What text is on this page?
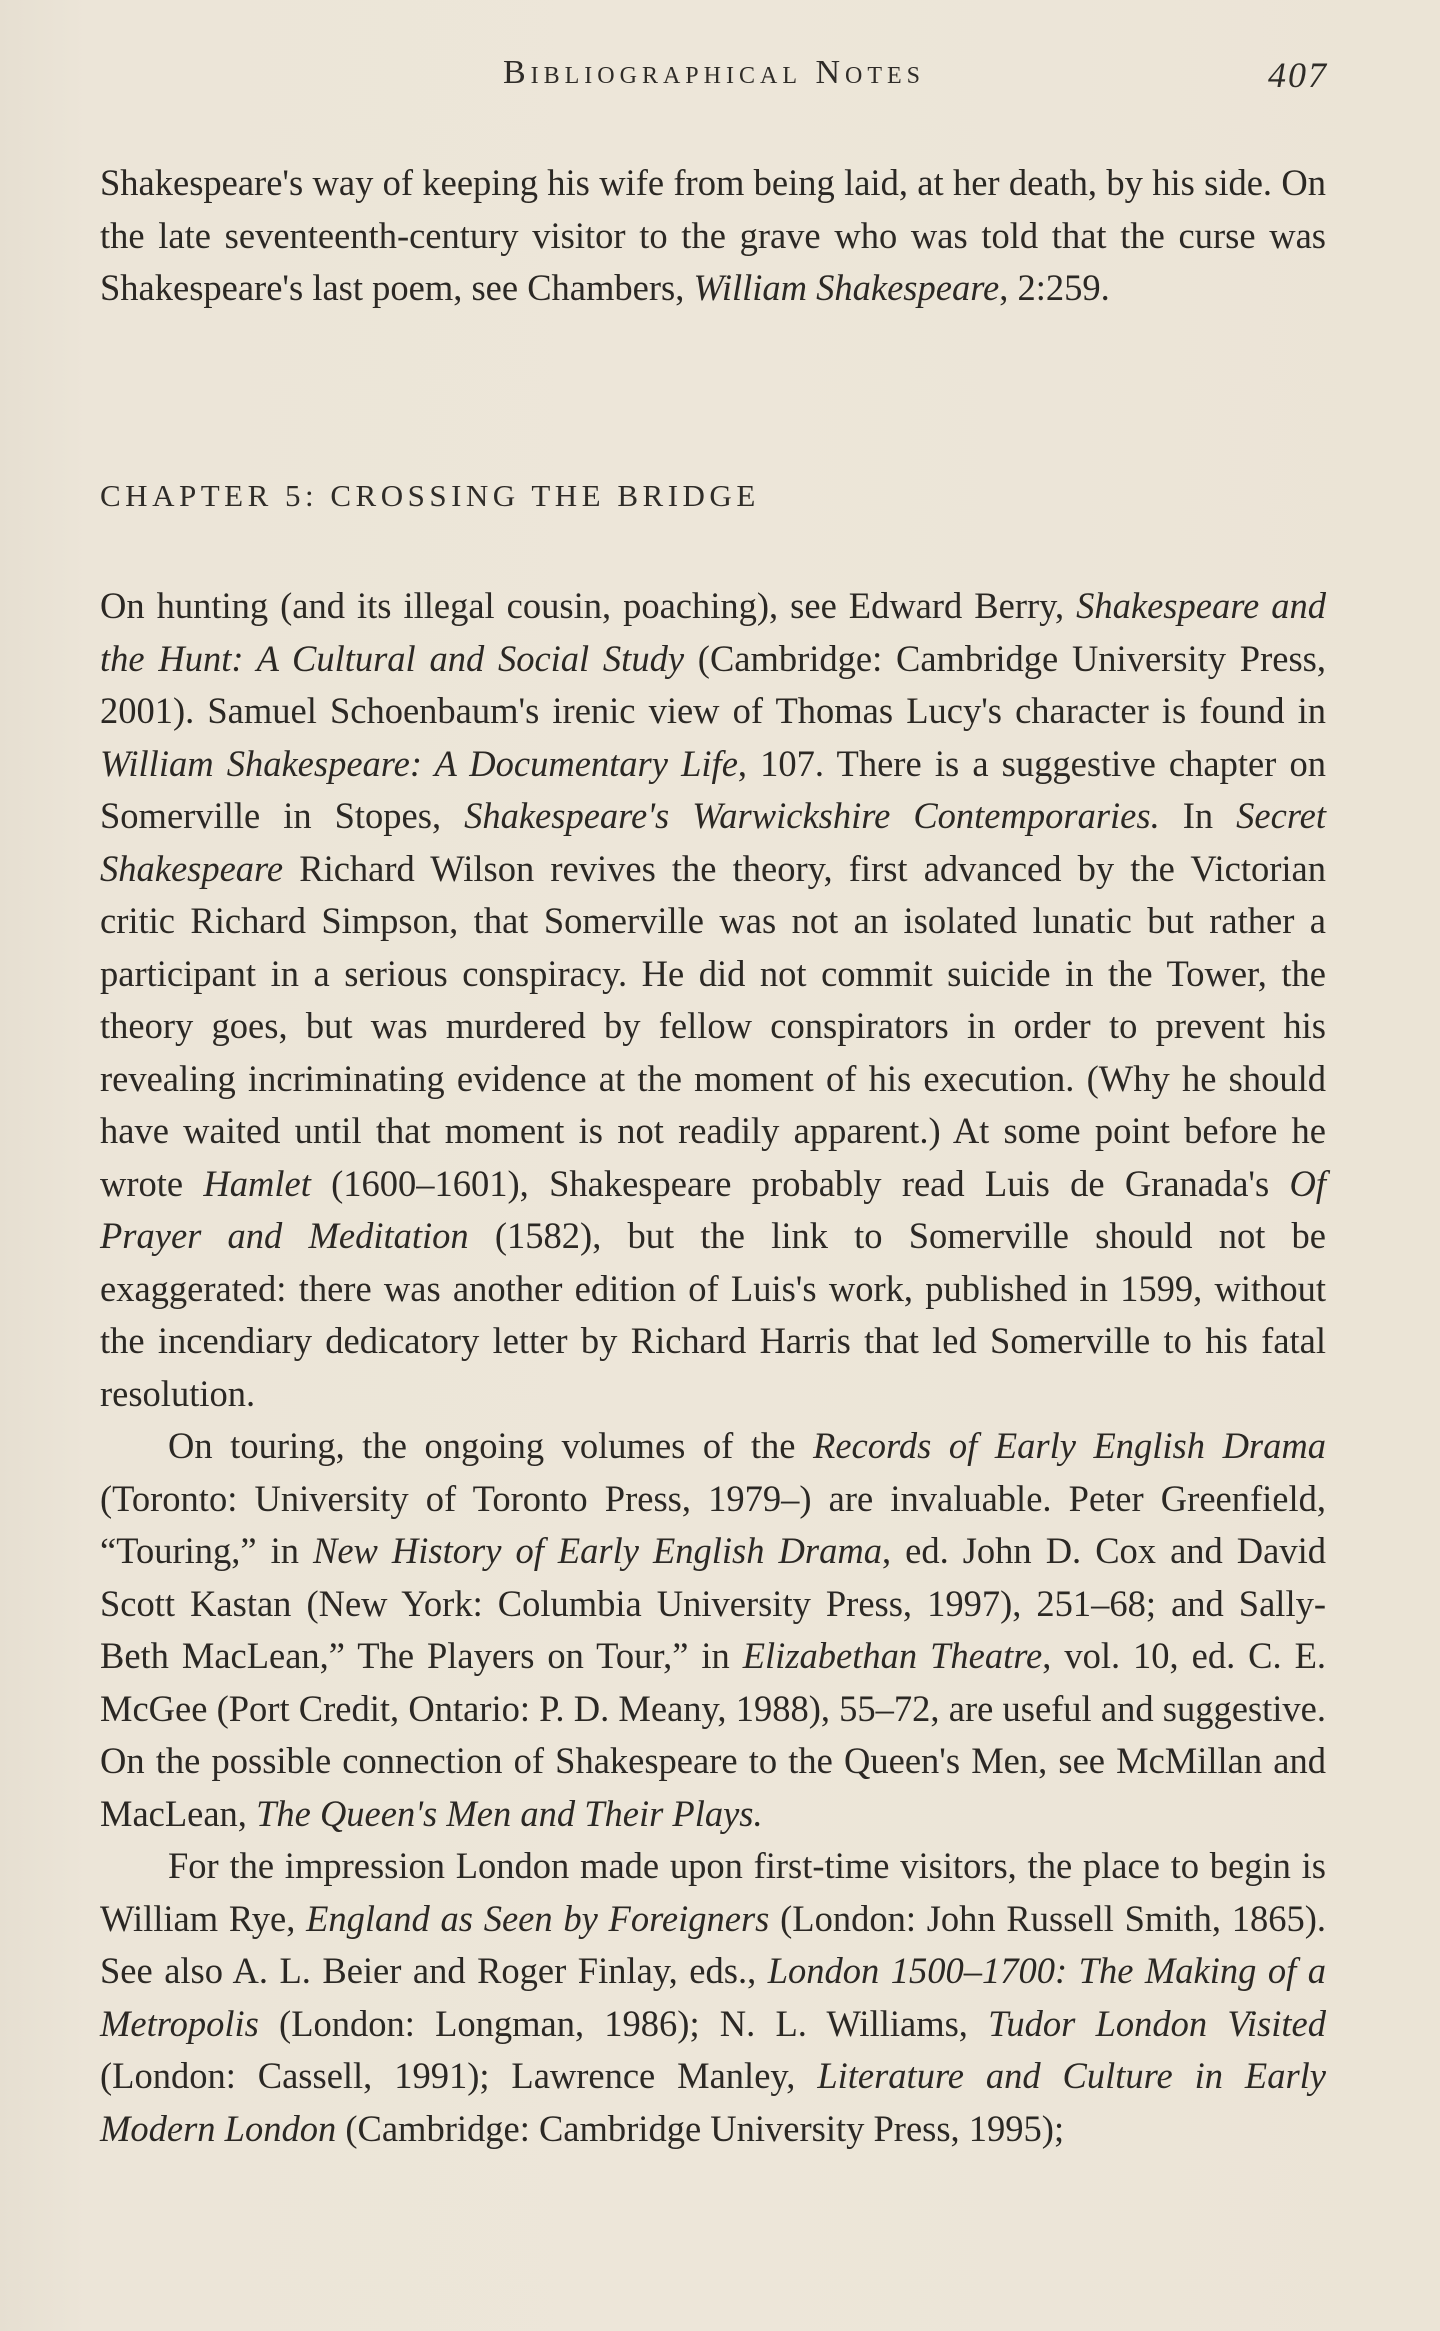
Bibliographical Notes	407

Shakespeare's way of keeping his wife from being laid, at her death, by his side. On the late seventeenth-century visitor to the grave who was told that the curse was Shakespeare's last poem, see Chambers, William Shakespeare, 2:259.

CHAPTER 5: CROSSING THE BRIDGE

On hunting (and its illegal cousin, poaching), see Edward Berry, Shakespeare and the Hunt: A Cultural and Social Study (Cambridge: Cambridge University Press, 2001). Samuel Schoenbaum's irenic view of Thomas Lucy's character is found in William Shakespeare: A Documentary Life, 107. There is a suggestive chapter on Somerville in Stopes, Shakespeare's Warwickshire Contemporaries. In Secret Shakespeare Richard Wilson revives the theory, first advanced by the Victorian critic Richard Simpson, that Somerville was not an isolated lunatic but rather a participant in a serious conspiracy. He did not commit suicide in the Tower, the theory goes, but was murdered by fellow conspirators in order to prevent his revealing incriminating evidence at the moment of his execution. (Why he should have waited until that moment is not readily apparent.) At some point before he wrote Hamlet (1600–1601), Shakespeare probably read Luis de Granada's Of Prayer and Meditation (1582), but the link to Somerville should not be exaggerated: there was another edition of Luis's work, published in 1599, without the incendiary dedicatory letter by Richard Harris that led Somerville to his fatal resolution.

On touring, the ongoing volumes of the Records of Early English Drama (Toronto: University of Toronto Press, 1979–) are invaluable. Peter Greenfield, “Touring,” in New History of Early English Drama, ed. John D. Cox and David Scott Kastan (New York: Columbia University Press, 1997), 251–68; and Sally-Beth MacLean,” The Players on Tour,” in Elizabethan Theatre, vol. 10, ed. C. E. McGee (Port Credit, Ontario: P. D. Meany, 1988), 55–72, are useful and suggestive. On the possible connection of Shakespeare to the Queen's Men, see McMillan and MacLean, The Queen's Men and Their Plays.

For the impression London made upon first-time visitors, the place to begin is William Rye, England as Seen by Foreigners (London: John Russell Smith, 1865). See also A. L. Beier and Roger Finlay, eds., London 1500–1700: The Making of a Metropolis (London: Longman, 1986); N. L. Williams, Tudor London Visited (London: Cassell, 1991); Lawrence Manley, Literature and Culture in Early Modern London (Cambridge: Cambridge University Press, 1995);
